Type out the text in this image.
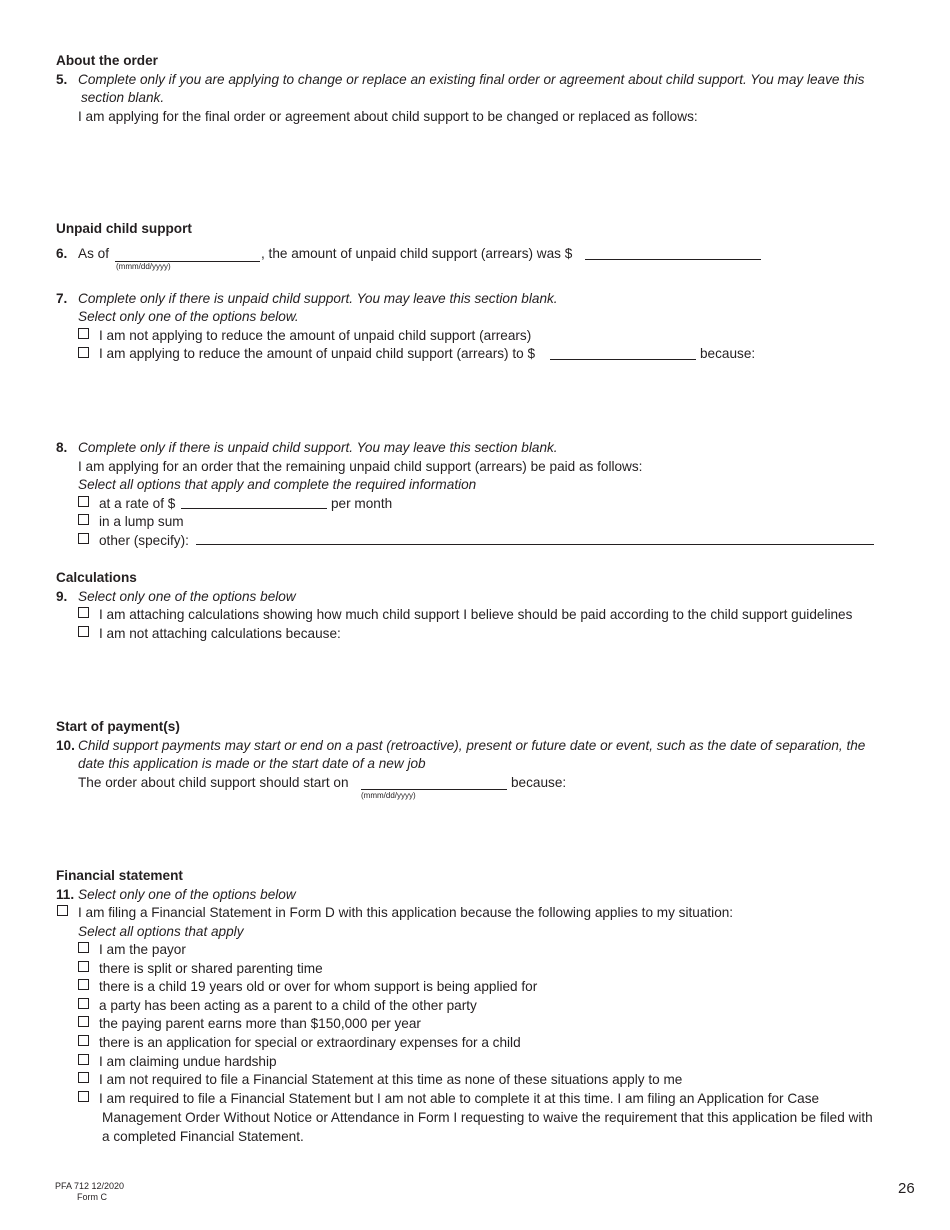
About the order
5. Complete only if you are applying to change or replace an existing final order or agreement about child support. You may leave this
section blank.
I am applying for the final order or agreement about child support to be changed or replaced as follows:
Unpaid child support
6. As of
(mmm/dd/yyyy)
, the amount of unpaid child support (arrears) was $
7. Complete only if there is unpaid child support. You may leave this section blank.
Select only one of the options below.
I am not applying to reduce the amount of unpaid child support (arrears)
I am applying to reduce the amount of unpaid child support (arrears) to $	because:
8. Complete only if there is unpaid child support. You may leave this section blank.
I am applying for an order that the remaining unpaid child support (arrears) be paid as follows:
Select all options that apply and complete the required information
at a rate of $	per month
in a lump sum
other (specify):
Calculations
9. Select only one of the options below
I am attaching calculations showing how much child support I believe should be paid according to the child support guidelines
I am not attaching calculations because:
Start of payment(s)
10. Child support payments may start or end on a past (retroactive), present or future date or event, such as the date of separation, the
date this application is made or the start date of a new job
The order about child support should start on
(mmm/dd/yyyy)
because:
Financial statement
11. Select only one of the options below
I am filing a Financial Statement in Form D with this application because the following applies to my situation:
Select all options that apply
I am the payor
there is split or shared parenting time
there is a child 19 years old or over for whom support is being applied for
a party has been acting as a parent to a child of the other party
the paying parent earns more than $150,000 per year
there is an application for special or extraordinary expenses for a child
I am claiming undue hardship
I am not required to file a Financial Statement at this time as none of these situations apply to me
I am required to file a Financial Statement but I am not able to complete it at this time. I am filing an Application for Case
Management Order Without Notice or Attendance in Form I requesting to waive the requirement that this application be filed with
a completed Financial Statement.
PFA 712 12/2020
Form C	26
